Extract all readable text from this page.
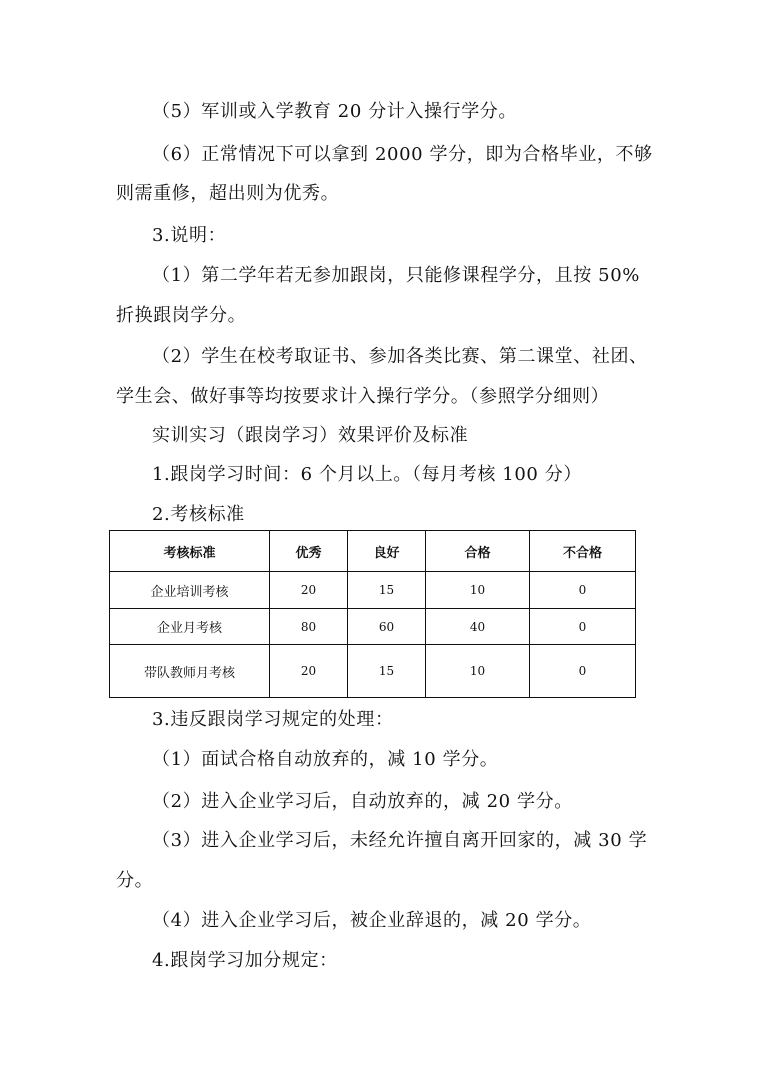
（5）军训或入学教育 20 分计入操行学分。
（6）正常情况下可以拿到 2000 学分，即为合格毕业，不够
则需重修，超出则为优秀。
3.说明：
（1）第二学年若无参加跟岗，只能修课程学分，且按 50%
折换跟岗学分。
（2）学生在校考取证书、参加各类比赛、第二课堂、社团、
学生会、做好事等均按要求计入操行学分。（参照学分细则）
实训实习（跟岗学习）效果评价及标准
1.跟岗学习时间：6 个月以上。（每月考核 100 分）
2.考核标准
考核标准	优秀	良好	合格	不合格
企业培训考核	20	15	10	0
企业月考核	80	60	40	0
带队教师月考核	20	15	10	0
3.违反跟岗学习规定的处理：
（1）面试合格自动放弃的，减 10 学分。
（2）进入企业学习后，自动放弃的，减 20 学分。
（3）进入企业学习后，未经允许擅自离开回家的，减 30 学
分。
（4）进入企业学习后，被企业辞退的，减 20 学分。
4.跟岗学习加分规定：
